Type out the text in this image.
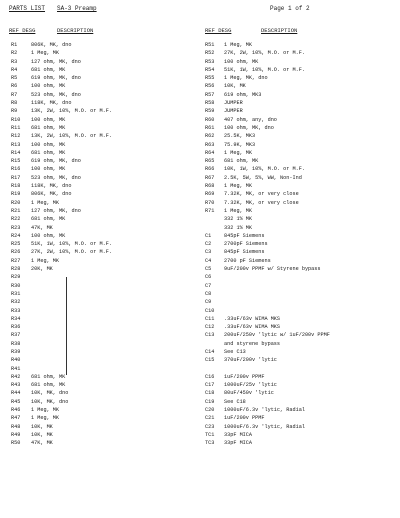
PARTS LIST SA-3 Preamp	Page 1 of 2
REF DESG	DESCRIPTION
R1	806K, MK, dno
R2	1 Meg, MK
R3	127 ohm, MK, dno
R4	681 ohm, MK
R5	619 ohm, MK, dno
R6	100 ohm, MK
R7	523 ohm, MK, dno
R8	118K, MK, dno
R9	13K, 2W, 10%, M.O. or M.F.
R10 100 ohm, MK
R11 681 ohm, MK
R12 13K, 2W, 10%, M.O. or M.F.
R13 100 ohm, MK
R14 681 ohm, MK
R15 619 ohm, MK, dno
R16 100 ohm, MK
R17 523 ohm, MK, dno
R18 118K, MK, dno
R19 806K, MK, dno
R20 1 Meg, MK
R21 127 ohm, MK, dno
R22 681 ohm, MK
R23 47K, MK
R24 100 ohm, MK
R25 51K, 1W, 10%, M.O. or M.F.
R26 27K, 2W, 10%, M.O. or M.F.
R27 1 Meg, MK
R28 20K, MK
R29
R30
R31
R32
R33
R34
R36
R37
R38
R39
R40
R41
R42 681 ohm, MK
R43 681 ohm, MK
R44 10K, MK, dno
R45 10K, MK, dno
R46 1 Meg, MK
R47 1 Meg, MK
R48 10K, MK
R49 10K, MK
R50 47K, MK
REF DESG	DESCRIPTION
R51 1 Meg, MK
R52 27K, 2W, 10%, M.O. or M.F.
R53 100 ohm, MK
R54 51K, 1W, 10%, M.O. or M.F.
R55 1 Meg, MK, dno
R56 10K, MK
R57 619 ohm, MK3
R58 JUMPER
R59 JUMPER
R60 407 ohm, any, dno
R61 100 ohm, MK, dno
R62 25.5K, MK3
R63 75.9K, MK3
R64 1 Meg, MK
R65 681 ohm, MK
R66 10K, 1W, 10%, M.O. or M.F.
R67 2.5K, 5W, 5%, WW, Non-Ind
R68 1 Meg, MK
R69 7.32K, MK, or very close
R70 7.32K, MK, or very close
R71 1 Meg, MK
332 1% MK
332 1% MK
C1 845pF Siemens
C2 2700pF Siemens
C3 845pF Siemens
C4 2700 pF Siemens
C5 9uF/200v PPMF w/ Styrene bypass
C6
C7
C8
C9
C10
C11 .33uF/63v WIMA MKS
C12 .33uF/63v WIMA MKS
C13 200uF/250v 'lytic w/ 1uF/200v PPMF
and styrene bypass
C14 See C13
C15 370uF/200v 'lytic
C16 1uF/200v PPMF
C17 1000uF/25v 'lytic
C18 80uF/450v 'lytic
C19 See C18
C20 1000uF/6.3v 'lytic, Radial
C21 1uF/200v PPMF
C23 1000uF/6.3v 'lytic, Radial
TC1 33pF MICA
TC3 33pF MICA
